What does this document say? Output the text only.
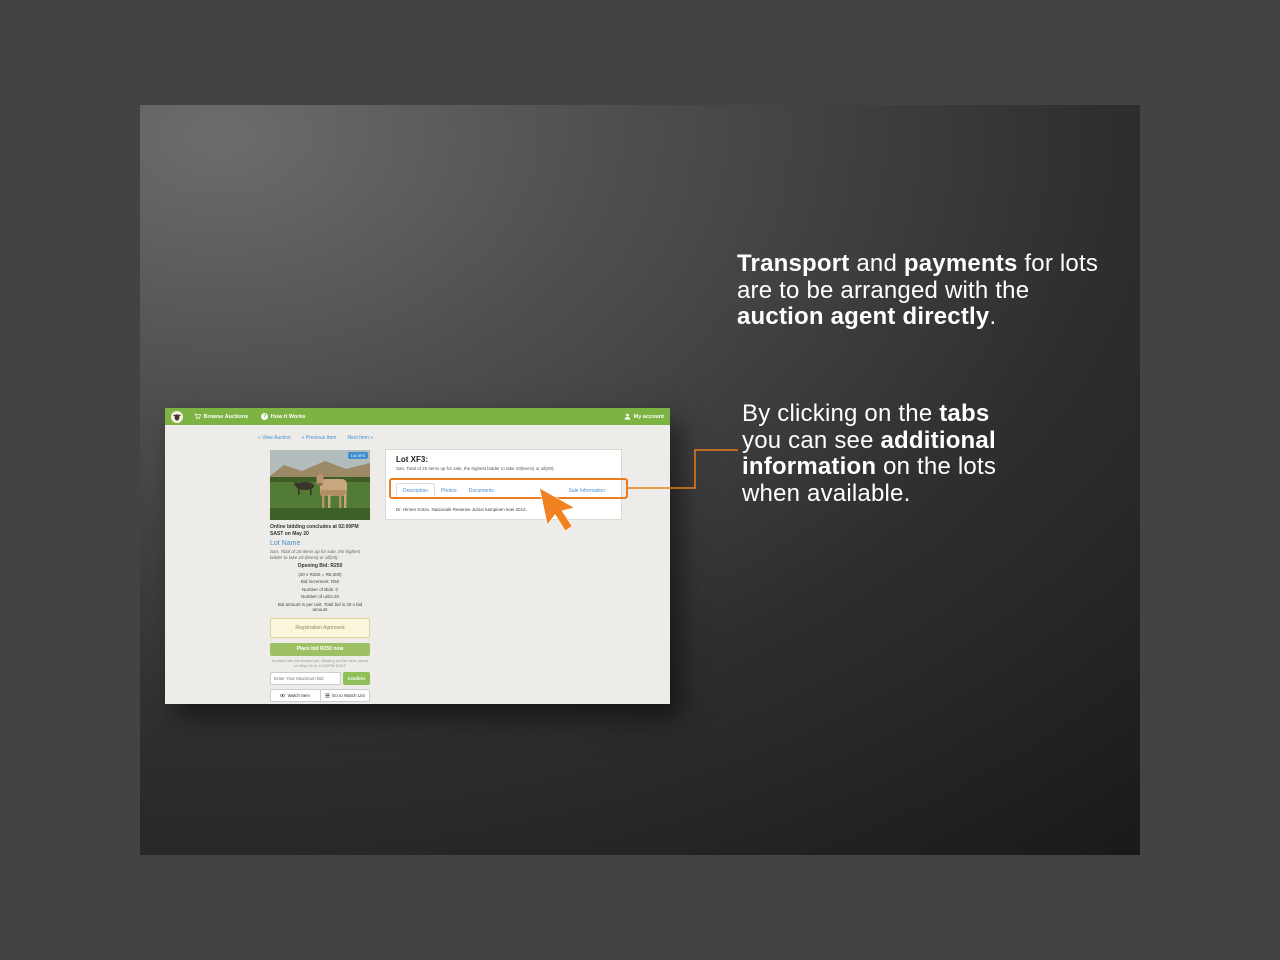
Transport and payments for lots
are to be arranged with the
auction agent directly.
By clicking on the tabs
you can see additional
information on the lots
when available.
Browse Auctions	? How it Works	My account
« View Auction « Previous Item Next Item »
Lot XF3
Online bidding concludes at 02:00PM SAST on May 20
Lot Name
San. Total of 20 items up for sale, the highest bidder to take 10 (items) or all(20).
Opening Bid: R250
(20 x R250 = R5,000)
Bid increment: R50
Number of Bids: 0
Number of units:20
Bid amount is per unit. Total bid is 20 x bid amount
Registration Approved
Place bid R250 now
Auction has not started yet. Bidding on this item opens on May 16 at 12:00PM SAST
Enter Your Maximum Bid
Confirm
Watch Item	Go to Watch List
Lot XF3:
San. Total of 20 items up for sale, the highest bidder to take 10(items) or all(20).
Description	Photos	Documents	Sale Information
Dr. Hinner Kotze. Nasionale Reserwe Junior kampioen koei 2014.
